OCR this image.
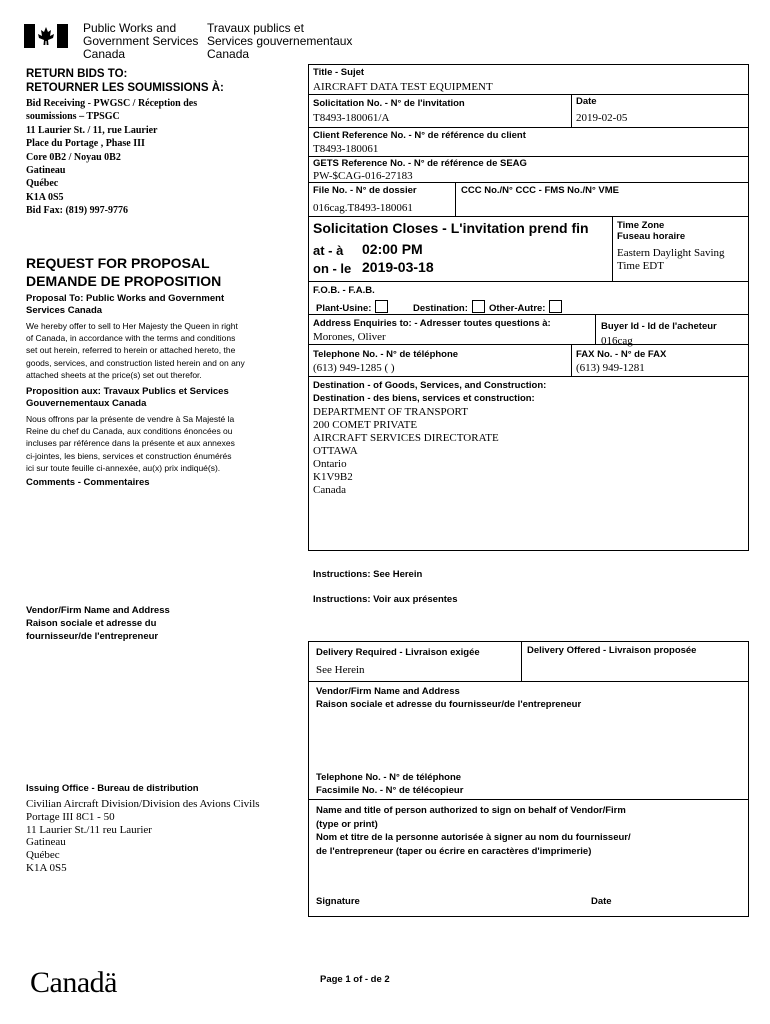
Public Works and
Government Services
Canada
Travaux publics et
Services gouvernementaux
Canada
RETURN BIDS TO:
RETOURNER LES SOUMISSIONS À:
Bid Receiving - PWGSC / Réception des
soumissions – TPSGC
11 Laurier St. / 11, rue Laurier
Place du Portage , Phase III
Core 0B2 / Noyau 0B2
Gatineau
Québec
K1A 0S5
Bid Fax: (819) 997-9776
REQUEST FOR PROPOSAL
DEMANDE DE PROPOSITION
Proposal To: Public Works and Government
Services Canada
We hereby offer to sell to Her Majesty the Queen in right
of Canada, in accordance with the terms and conditions
set out herein, referred to herein or attached hereto, the
goods, services, and construction listed herein and on any
attached sheets at the price(s) set out therefor.
Proposition aux: Travaux Publics et Services
Gouvernementaux Canada
Nous offrons par la présente de vendre à Sa Majesté la
Reine du chef du Canada, aux conditions énoncées ou
incluses par référence dans la présente et aux annexes
ci-jointes, les biens, services et construction énumérés
ici sur toute feuille ci-annexée, au(x) prix indiqué(s).
Comments - Commentaires
Vendor/Firm Name and Address
Raison sociale et adresse du
fournisseur/de l'entrepreneur
Issuing Office - Bureau de distribution
Civilian Aircraft Division/Division des Avions Civils
Portage III 8C1 - 50
11 Laurier St./11 reu Laurier
Gatineau
Québec
K1A 0S5
Title - Sujet
AIRCRAFT DATA TEST EQUIPMENT
Solicitation No. - N° de l'invitation
T8493-180061/A
Date
2019-02-05
Client Reference No. - N° de référence du client
T8493-180061
GETS Reference No. - N° de référence de SEAG
PW-$CAG-016-27183
File No. - N° de dossier
016cag.T8493-180061
CCC No./N° CCC - FMS No./N° VME
Solicitation Closes - L'invitation prend fin
at - à 02:00 PM
on - le 2019-03-18
Time Zone
Fuseau horaire
Eastern Daylight Saving
Time EDT
F.O.B. - F.A.B.
Plant-Usine:	Destination:	Other-Autre:
Address Enquiries to: - Adresser toutes questions à:
Morones, Oliver
Buyer Id - Id de l'acheteur
016cag
Telephone No. - N° de téléphone
(613) 949-1285 ( )
FAX No. - N° de FAX
(613) 949-1281
Destination - of Goods, Services, and Construction:
Destination - des biens, services et construction:
DEPARTMENT OF TRANSPORT
200 COMET PRIVATE
AIRCRAFT SERVICES DIRECTORATE
OTTAWA
Ontario
K1V9B2
Canada
Instructions: See Herein
Instructions: Voir aux présentes
Delivery Required - Livraison exigée
See Herein
Delivery Offered - Livraison proposée
Vendor/Firm Name and Address
Raison sociale et adresse du fournisseur/de l'entrepreneur
Telephone No. - N° de téléphone
Facsimile No. - N° de télécopieur
Name and title of person authorized to sign on behalf of Vendor/Firm
(type or print)
Nom et titre de la personne autorisée à signer au nom du fournisseur/
de l'entrepreneur (taper ou écrire en caractères d'imprimerie)
Signature	Date
Canadä	Page 1 of - de 2
